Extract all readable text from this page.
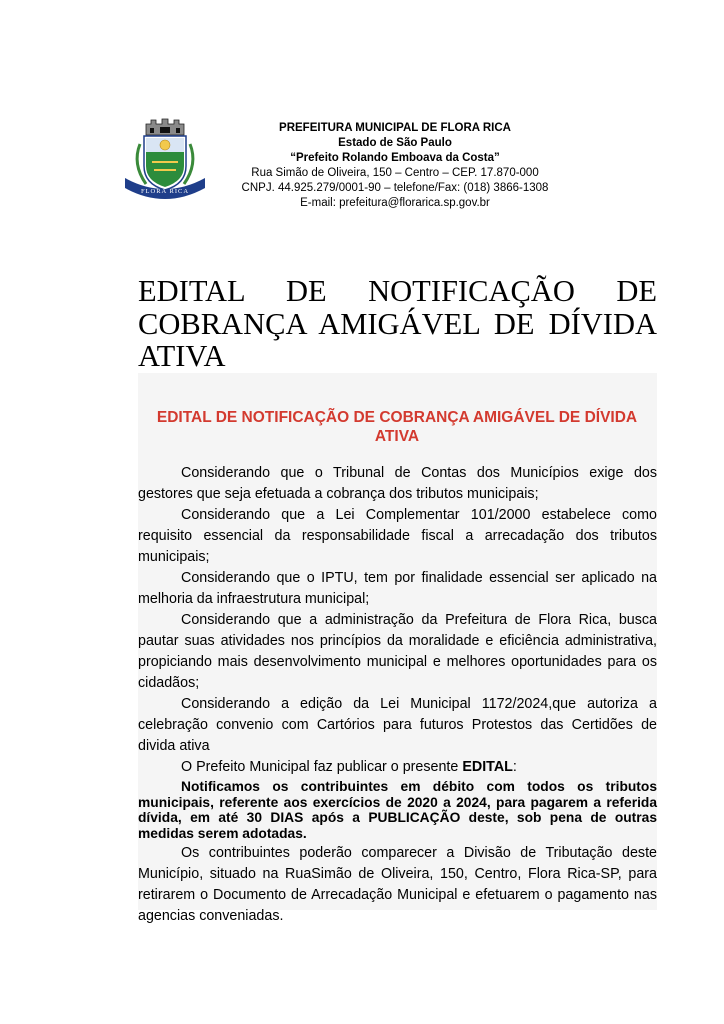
FLORA RICA
PREFEITURA MUNICIPAL DE FLORA RICA
Estado de São Paulo
“Prefeito Rolando Emboava da Costa”
Rua Simão de Oliveira, 150 – Centro – CEP. 17.870-000
CNPJ. 44.925.279/0001-90 – telefone/Fax: (018) 3866-1308
E-mail: prefeitura@florarica.sp.gov.br
EDITAL DE NOTIFICAÇÃO DE COBRANÇA AMIGÁVEL DE DÍVIDA ATIVA
EDITAL DE NOTIFICAÇÃO DE COBRANÇA AMIGÁVEL DE DÍVIDA ATIVA

Considerando que o Tribunal de Contas dos Municípios exige dos gestores que seja efetuada a cobrança dos tributos municipais;

Considerando que a Lei Complementar 101/2000 estabelece como requisito essencial da responsabilidade fiscal a arrecadação dos tributos municipais;

Considerando que o IPTU, tem por finalidade essencial ser aplicado na melhoria da infraestrutura municipal;

Considerando que a administração da Prefeitura de Flora Rica, busca pautar suas atividades nos princípios da moralidade e eficiência administrativa, propiciando mais desenvolvimento municipal e melhores oportunidades para os cidadãos;

Considerando a edição da Lei Municipal 1172/2024,que autoriza a celebração convenio com Cartórios para futuros Protestos das Certidões de divida ativa

O Prefeito Municipal faz publicar o presente EDITAL:

Notificamos os contribuintes em débito com todos os tributos municipais, referente aos exercícios de 2020 a 2024, para pagarem a referida dívida, em até 30 DIAS após a PUBLICAÇÃO deste, sob pena de outras medidas serem adotadas.

Os contribuintes poderão comparecer a Divisão de Tributação deste Município, situado na RuaSimão de Oliveira, 150, Centro, Flora Rica-SP, para retirarem o Documento de Arrecadação Municipal e efetuarem o pagamento nas agencias conveniadas.
